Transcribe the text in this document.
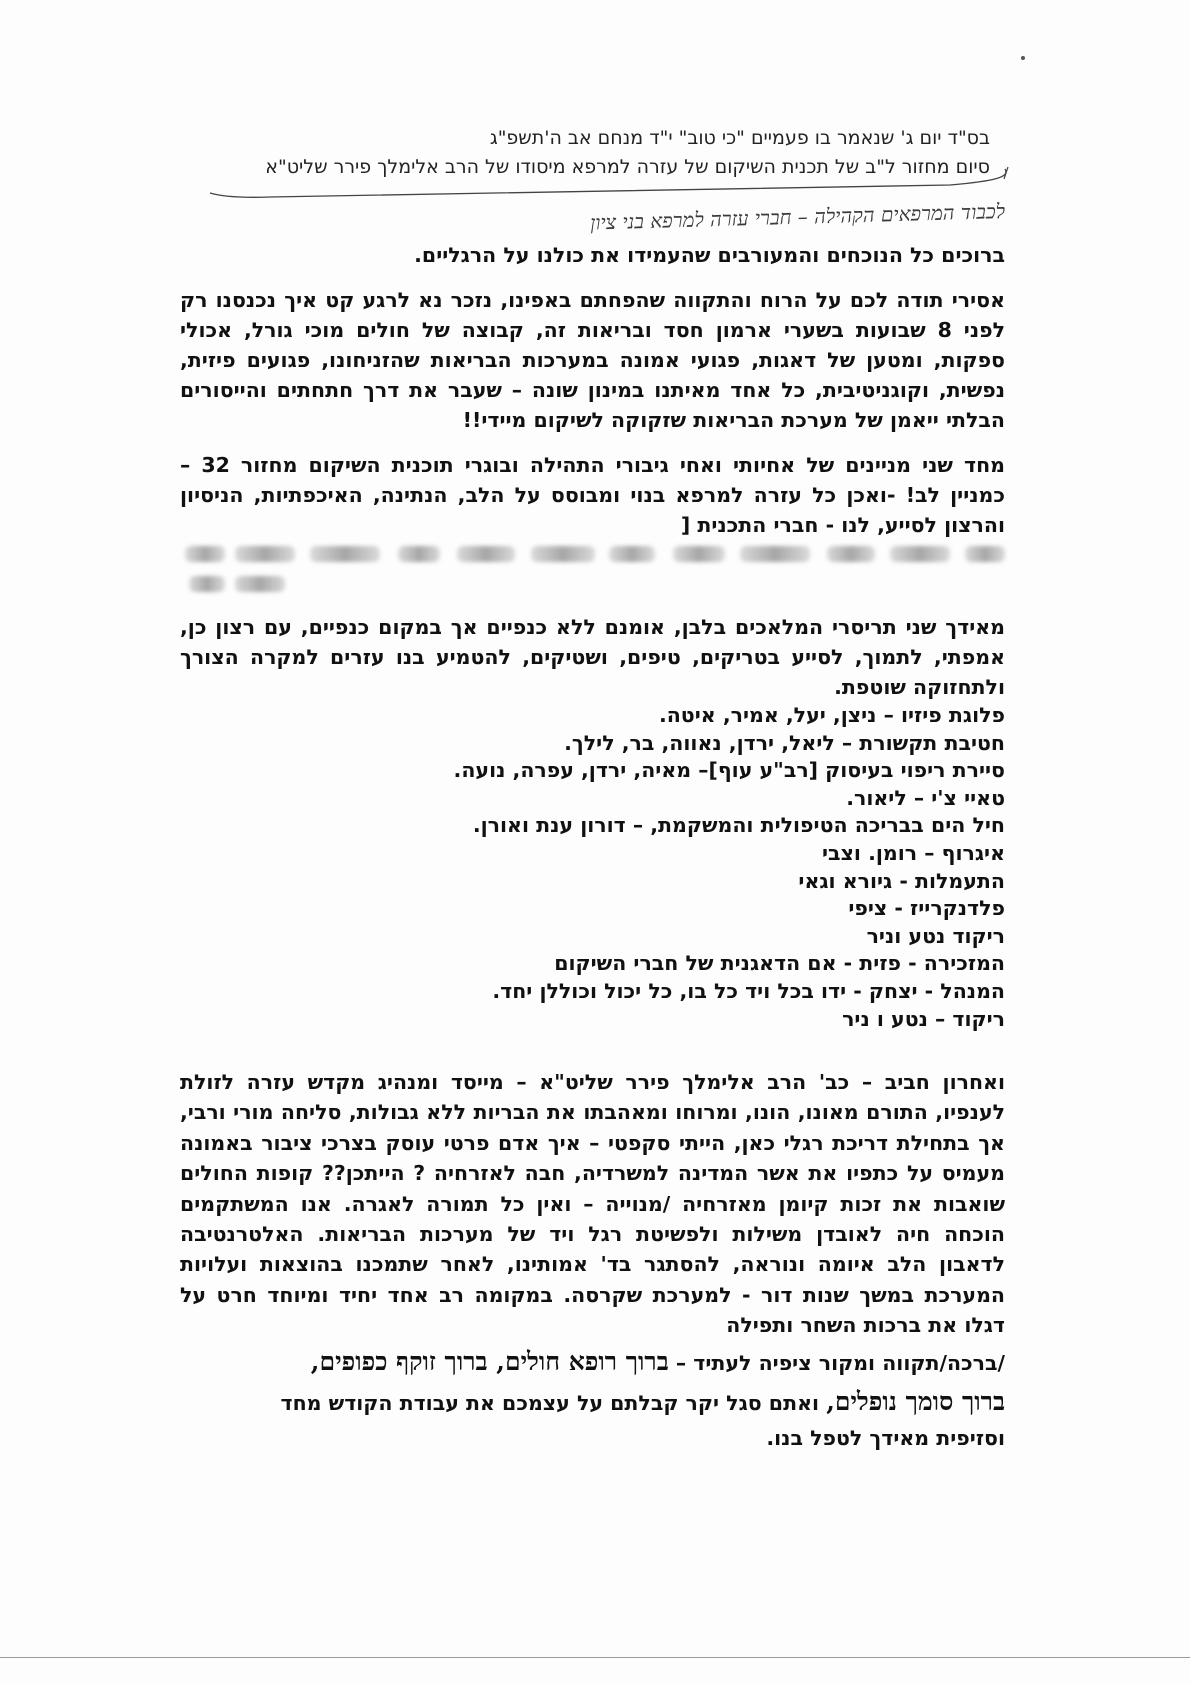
בס"ד יום ג' שנאמר בו פעמיים "כי טוב" י"ד מנחם אב ה'תשפ"ג
סיום מחזור ל"ב של תכנית השיקום של עזרה למרפא מיסודו של הרב אלימלך פירר שליט"א
לכבוד המרפאים הקהילה – חברי עזרה למרפא בני ציון
ברוכים כל הנוכחים והמעורבים שהעמידו את כולנו על הרגליים.
אסירי תודה לכם על הרוח והתקווה שהפחתם באפינו, נזכר נא לרגע קט איך נכנסנו רק לפני 8 שבועות בשערי ארמון חסד ובריאות זה, קבוצה של חולים מוכי גורל, אכולי ספקות, ומטען של דאגות, פגועי אמונה במערכות הבריאות שהזניחונו, פגועים פיזית, נפשית, וקוגניטיבית, כל אחד מאיתנו במינון שונה – שעבר את דרך חתחתים והייסורים הבלתי ייאמן של מערכת הבריאות שזקוקה לשיקום מיידי!!
מחד שני מניינים של אחיותי ואחי גיבורי התהילה ובוגרי תוכנית השיקום מחזור 32 – כמניין לב! -ואכן כל עזרה למרפא בנוי ומבוסס על הלב, הנתינה, האיכפתיות, הניסיון והרצון לסייע, לנו - חברי התכנית [
מאידך שני תריסרי המלאכים בלבן, אומנם ללא כנפיים אך במקום כנפיים, עם רצון כן, אמפתי, לתמוך, לסייע בטריקים, טיפים, ושטיקים, להטמיע בנו עזרים למקרה הצורך ולתחזוקה שוטפת.
פלוגת פיזיו – ניצן, יעל, אמיר, איטה.
חטיבת תקשורת – ליאל, ירדן, נאווה, בר, לילך.
סיירת ריפוי בעיסוק [רב"ע עוף]– מאיה, ירדן, עפרה, נועה.
טאיי צ'י – ליאור.
חיל הים בבריכה הטיפולית והמשקמת, – דורון ענת ואורן.
איגרוף – רומן. וצבי
התעמלות - גיורא וגאי
פלדנקרייז - ציפי
ריקוד נטע וניר
המזכירה - פזית - אם הדאגנית של חברי השיקום
המנהל - יצחק - ידו בכל ויד כל בו, כל יכול וכוללן יחד.
ריקוד – נטע ו ניר
ואחרון חביב – כב' הרב אלימלך פירר שליט"א – מייסד ומנהיג מקדש עזרה לזולת לענפיו, התורם מאונו, הונו, ומרוחו ומאהבתו את הבריות ללא גבולות, סליחה מורי ורבי, אך בתחילת דריכת רגלי כאן, הייתי סקפטי – איך אדם פרטי עוסק בצרכי ציבור באמונה מעמיס על כתפיו את אשר המדינה למשרדיה, חבה לאזרחיה ? הייתכן?? קופות החולים שואבות את זכות קיומן מאזרחיה /מנוייה – ואין כל תמורה לאגרה. אנו המשתקמים הוכחה חיה לאובדן משילות ולפשיטת רגל ויד של מערכות הבריאות. האלטרנטיבה לדאבון הלב איומה ונוראה, להסתגר בד' אמותינו, לאחר שתמכנו בהוצאות ועלויות המערכת במשך שנות דור - למערכת שקרסה. במקומה רב אחד יחיד ומיוחד חרט על דגלו את ברכות השחר ותפילה
/ברכה/תקווה ומקור ציפיה לעתיד – ברוך רופא חולים, ברוך זוקף כפופים,
ברוך סומך נופלים, ואתם סגל יקר קבלתם על עצמכם את עבודת הקודש מחד
וסזיפית מאידך לטפל בנו.
